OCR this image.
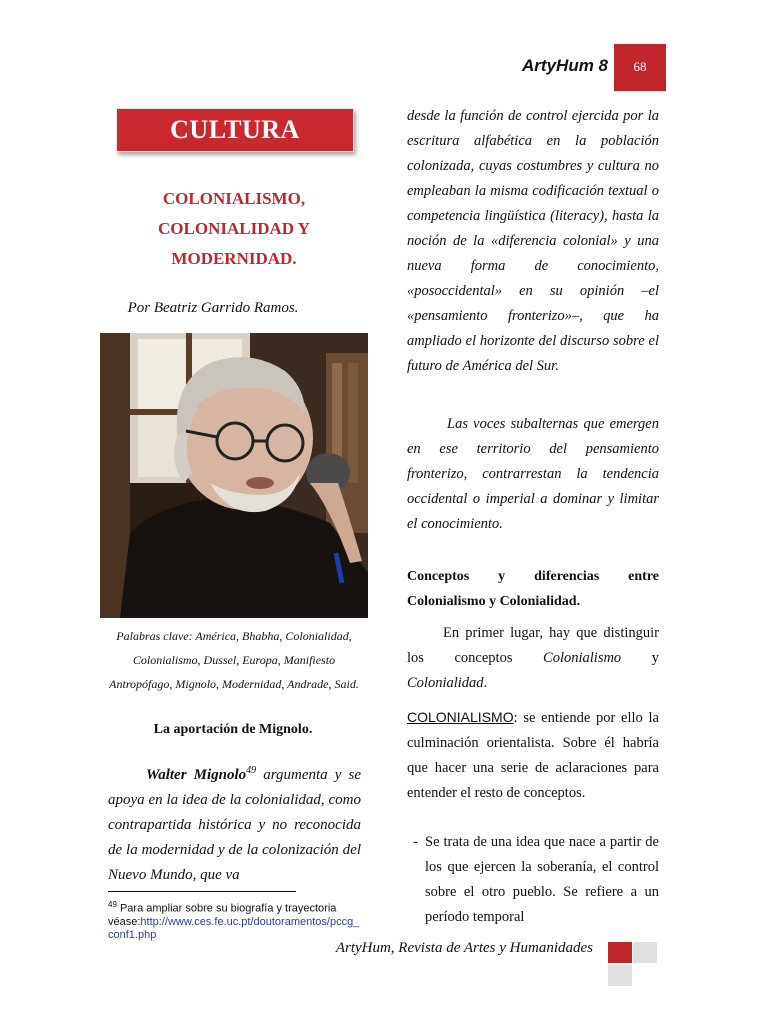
ArtyHum 8	68
CULTURA
COLONIALISMO,
COLONIALIDAD Y
MODERNIDAD.
Por Beatriz Garrido Ramos.
Palabras clave: América, Bhabha, Colonialidad,
Colonialismo, Dussel, Europa, Manifiesto
Antropófago, Mignolo, Modernidad, Andrade, Said.
La aportación de Mignolo.
Walter Mignolo$^{49}$ argumenta y se apoya en la idea de la colonialidad, como contrapartida histórica y no reconocida de la modernidad y de la colonización del Nuevo Mundo, que va
$^{49}$ Para ampliar sobre su biografía y trayectoria véase:http://www.ces.fe.uc.pt/doutoramentos/pccg_conf1.php
desde la función de control ejercida por la escritura alfabética en la población colonizada, cuyas costumbres y cultura no empleaban la misma codificación textual o competencia lingüística (literacy), hasta la noción de la «diferencia colonial» y una nueva forma de conocimiento, «posoccidental» en su opinión –el «pensamiento fronterizo»–, que ha ampliado el horizonte del discurso sobre el futuro de América del Sur.
Las voces subalternas que emergen en ese territorio del pensamiento fronterizo, contrarrestan la tendencia occidental o imperial a dominar y limitar el conocimiento.
Conceptos y diferencias entre Colonialismo y Colonialidad.
En primer lugar, hay que distinguir los conceptos Colonialismo y Colonialidad.
COLONIALISMO: se entiende por ello la culminación orientalista. Sobre él habría que hacer una serie de aclaraciones para entender el resto de conceptos.
- Se trata de una idea que nace a partir de los que ejercen la soberanía, el control sobre el otro pueblo. Se refiere a un período temporal
ArtyHum, Revista de Artes y Humanidades
